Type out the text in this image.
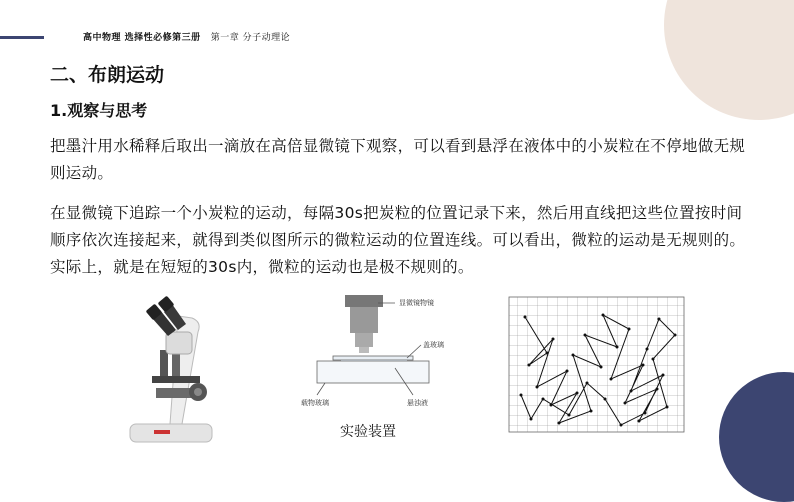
高中物理 选择性必修第三册 第一章 分子动理论
二、布朗运动
1.观察与思考
把墨汁用水稀释后取出一滴放在高倍显微镜下观察，可以看到悬浮在液体中的小炭粒在不停地做无规则运动。
在显微镜下追踪一个小炭粒的运动，每隔30s把炭粒的位置记录下来，然后用直线把这些位置按时间顺序依次连接起来，就得到类似图所示的微粒运动的位置连线。可以看出，微粒的运动是无规则的。实际上，就是在短短的30s内，微粒的运动也是极不规则的。
显微镜物镜
盖玻璃
载物玻璃	悬浊液
实验装置
